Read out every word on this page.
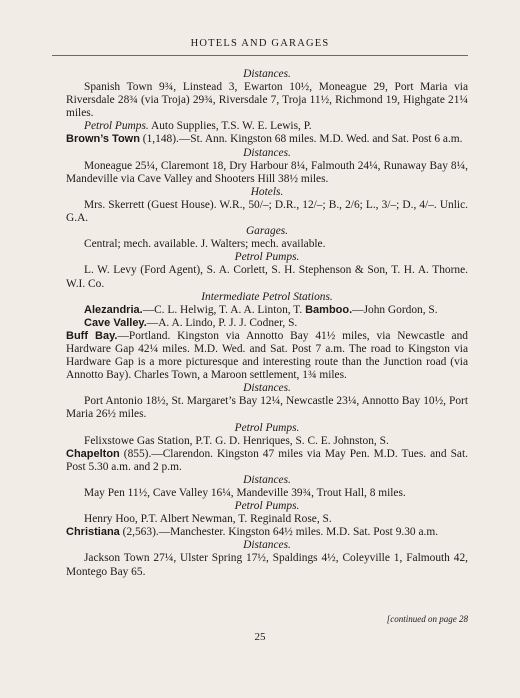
HOTELS AND GARAGES
Distances.
Spanish Town 9¾, Linstead 3, Ewarton 10½, Moneague 29, Port Maria via Riversdale 28¾ (via Troja) 29¾, Riversdale 7, Troja 11½, Richmond 19, Highgate 21¼ miles.
Petrol Pumps. Auto Supplies, T.S. W. E. Lewis, P.
Brown’s Town (1,148).—St. Ann. Kingston 68 miles. M.D. Wed. and Sat. Post 6 a.m.
Distances.
Moneague 25¼, Claremont 18, Dry Harbour 8¼, Falmouth 24¼, Runaway Bay 8¼, Mandeville via Cave Valley and Shooters Hill 38½ miles.
Hotels.
Mrs. Skerrett (Guest House). W.R., 50/–; D.R., 12/–; B., 2/6; L., 3/–; D., 4/–. Unlic. G.A.
Garages.
Central; mech. available. J. Walters; mech. available.
Petrol Pumps.
L. W. Levy (Ford Agent), S. A. Corlett, S. H. Stephenson & Son, T. H. A. Thorne. W.I. Co.
Intermediate Petrol Stations.
Alezandria.—C. L. Helwig, T. A. A. Linton, T. Bamboo.—John Gordon, S.
Cave Valley.—A. A. Lindo, P. J. J. Codner, S.
Buff Bay.—Portland. Kingston via Annotto Bay 41½ miles, via Newcastle and Hardware Gap 42¼ miles. M.D. Wed. and Sat. Post 7 a.m. The road to Kingston via Hardware Gap is a more picturesque and interesting route than the Junction road (via Annotto Bay). Charles Town, a Maroon settlement, 1¾ miles.
Distances.
Port Antonio 18½, St. Margaret’s Bay 12¼, Newcastle 23¼, Annotto Bay 10½, Port Maria 26½ miles.
Petrol Pumps.
Felixstowe Gas Station, P.T. G. D. Henriques, S. C. E. Johnston, S.
Chapelton (855).—Clarendon. Kingston 47 miles via May Pen. M.D. Tues. and Sat. Post 5.30 a.m. and 2 p.m.
Distances.
May Pen 11½, Cave Valley 16¼, Mandeville 39¾, Trout Hall, 8 miles.
Petrol Pumps.
Henry Hoo, P.T. Albert Newman, T. Reginald Rose, S.
Christiana (2,563).—Manchester. Kingston 64½ miles. M.D. Sat. Post 9.30 a.m.
Distances.
Jackson Town 27¼, Ulster Spring 17½, Spaldings 4½, Coleyville 1, Falmouth 42, Montego Bay 65.
[continued on page 28
25
